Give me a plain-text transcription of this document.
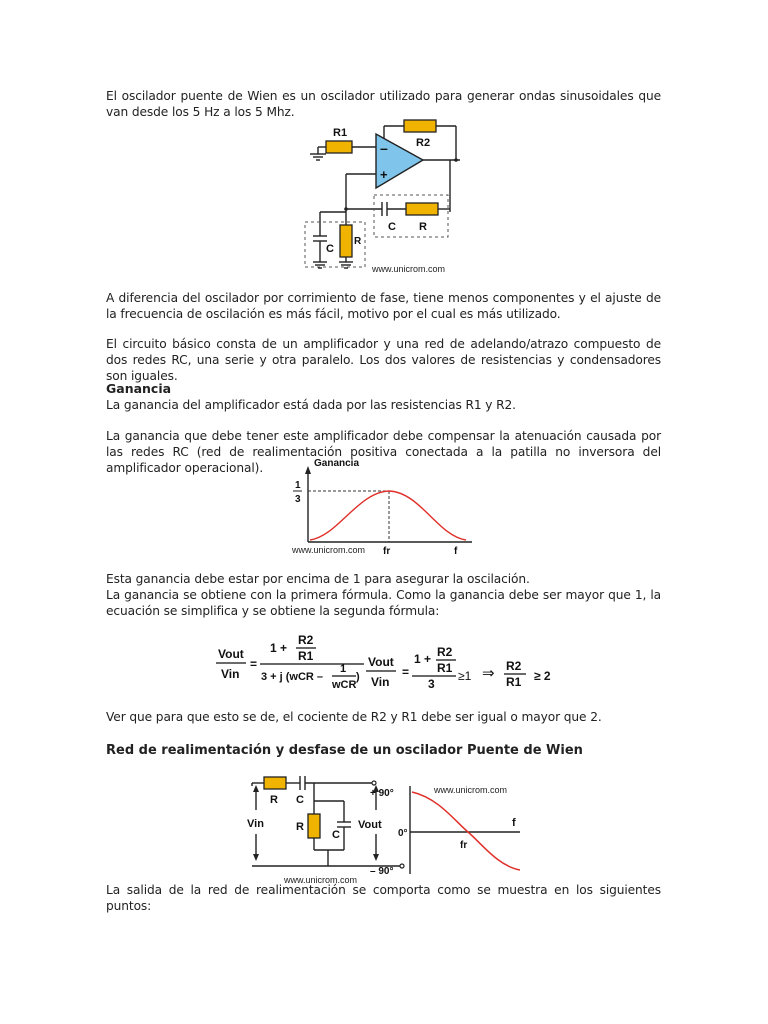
El oscilador puente de Wien es un oscilador utilizado para generar ondas sinusoidales que van desde los 5 Hz a los 5 Mhz.

–
+
R1
R2
C R
C
R
www.unicrom.com

A diferencia del oscilador por corrimiento de fase, tiene menos componentes y el ajuste de la frecuencia de oscilación es más fácil, motivo por el cual es más utilizado.

El circuito básico consta de un amplificador y una red de adelando/atrazo compuesto de dos redes RC, una serie y otra paralelo. Los dos valores de resistencias y condensadores son iguales.

Ganancia

La ganancia del amplificador está dada por las resistencias R1 y R2.

La ganancia que debe tener este amplificador debe compensar la atenuación causada por las redes RC (red de realimentación positiva conectada a la patilla no inversora del amplificador operacional).	Ganancia
1
3
www.unicrom.com fr	f

Esta ganancia debe estar por encima de 1 para asegurar la oscilación.

La ganancia se obtiene con la primera fórmula. Como la ganancia debe ser mayor que 1, la ecuación se simplifica y se obtiene la segunda fórmula:

Vout
Vin
=
1 +
R2
R1
3 + j (wCR –
1
wCR
)
Vout
Vin
=
1 + R2
R1
3
≥1 ⇒ R2
R1 ≥ 2

Ver que para que esto se de, el cociente de R2 y R1 debe ser igual o mayor que 2.

Red de realimentación y desfase de un oscilador Puente de Wien

R C
R
C
Vin	Vout
www.unicrom.com
+ 90°
0°
– 90°
f
fr
www.unicrom.com

La salida de la red de realimentación se comporta como se muestra en los siguientes puntos:
